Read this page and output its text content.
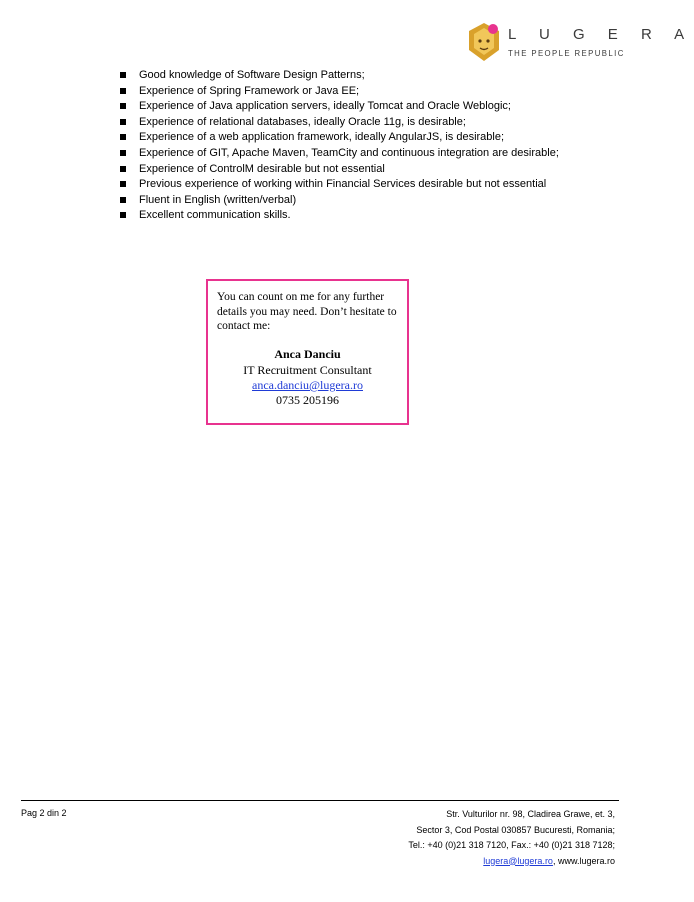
L U G E R A
THE PEOPLE REPUBLIC
Good knowledge of Software Design Patterns;
Experience of Spring Framework or Java EE;
Experience of Java application servers, ideally Tomcat and Oracle Weblogic;
Experience of relational databases, ideally Oracle 11g, is desirable;
Experience of a web application framework, ideally AngularJS, is desirable;
Experience of GIT, Apache Maven, TeamCity and continuous integration are desirable;
Experience of ControlM desirable but not essential
Previous experience of working within Financial Services desirable but not essential
Fluent in English (written/verbal)
Excellent communication skills.
You can count on me for any further details you may need. Don’t hesitate to contact me:
Anca Danciu
IT Recruitment Consultant
anca.danciu@lugera.ro
0735 205196
Pag 2 din 2	Str. Vulturilor nr. 98, Cladirea Grawe, et. 3,
Sector 3, Cod Postal 030857 Bucuresti, Romania;
Tel.: +40 (0)21 318 7120, Fax.: +40 (0)21 318 7128;
lugera@lugera.ro, www.lugera.ro
